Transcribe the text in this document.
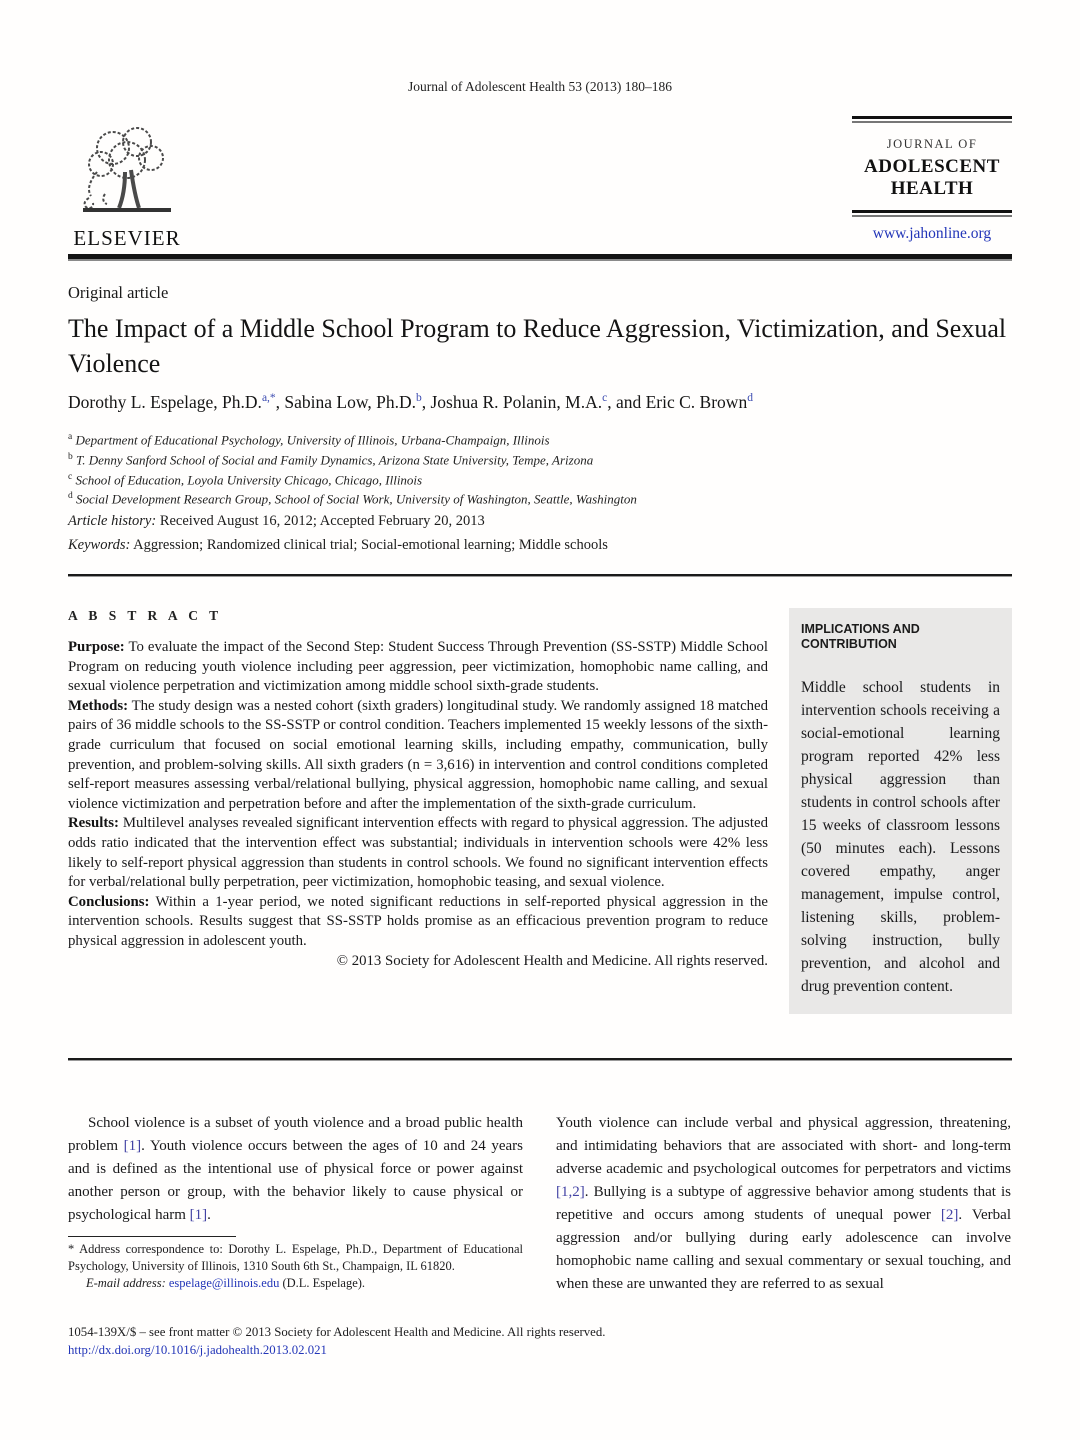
Journal of Adolescent Health 53 (2013) 180–186
ELSEVIER
JOURNAL OF
ADOLESCENT
HEALTH
www.jahonline.org
Original article
The Impact of a Middle School Program to Reduce Aggression, Victimization, and Sexual Violence
Dorothy L. Espelage, Ph.D.$^{a,*}$, Sabina Low, Ph.D.$^b$, Joshua R. Polanin, M.A.$^c$, and Eric C. Brown$^d$
$^a$ Department of Educational Psychology, University of Illinois, Urbana-Champaign, Illinois
$^b$ T. Denny Sanford School of Social and Family Dynamics, Arizona State University, Tempe, Arizona
$^c$ School of Education, Loyola University Chicago, Chicago, Illinois
$^d$ Social Development Research Group, School of Social Work, University of Washington, Seattle, Washington
Article history: Received August 16, 2012; Accepted February 20, 2013
Keywords: Aggression; Randomized clinical trial; Social-emotional learning; Middle schools
A B S T R A C T

Purpose: To evaluate the impact of the Second Step: Student Success Through Prevention (SS-SSTP) Middle School Program on reducing youth violence including peer aggression, peer victimization, homophobic name calling, and sexual violence perpetration and victimization among middle school sixth-grade students.

Methods: The study design was a nested cohort (sixth graders) longitudinal study. We randomly assigned 18 matched pairs of 36 middle schools to the SS-SSTP or control condition. Teachers implemented 15 weekly lessons of the sixth-grade curriculum that focused on social emotional learning skills, including empathy, communication, bully prevention, and problem-solving skills. All sixth graders (n = 3,616) in intervention and control conditions completed self-report measures assessing verbal/relational bullying, physical aggression, homophobic name calling, and sexual violence victimization and perpetration before and after the implementation of the sixth-grade curriculum.

Results: Multilevel analyses revealed significant intervention effects with regard to physical aggression. The adjusted odds ratio indicated that the intervention effect was substantial; individuals in intervention schools were 42% less likely to self-report physical aggression than students in control schools. We found no significant intervention effects for verbal/relational bully perpetration, peer victimization, homophobic teasing, and sexual violence.

Conclusions: Within a 1-year period, we noted significant reductions in self-reported physical aggression in the intervention schools. Results suggest that SS-SSTP holds promise as an efficacious prevention program to reduce physical aggression in adolescent youth.

© 2013 Society for Adolescent Health and Medicine. All rights reserved.

IMPLICATIONS AND CONTRIBUTION
Middle school students in intervention schools receiving a social-emotional learning program reported 42% less physical aggression than students in control schools after 15 weeks of classroom lessons (50 minutes each). Lessons covered empathy, anger management, impulse control, listening skills, problem-solving instruction, bully prevention, and alcohol and drug prevention content.

School violence is a subset of youth violence and a broad public health problem [1]. Youth violence occurs between the ages of 10 and 24 years and is defined as the intentional use of physical force or power against another person or group, with the behavior likely to cause physical or psychological harm [1].

* Address correspondence to: Dorothy L. Espelage, Ph.D., Department of Educational Psychology, University of Illinois, 1310 South 6th St., Champaign, IL 61820.
E-mail address: espelage@illinois.edu (D.L. Espelage).

Youth violence can include verbal and physical aggression, threatening, and intimidating behaviors that are associated with short- and long-term adverse academic and psychological outcomes for perpetrators and victims [1,2]. Bullying is a subtype of aggressive behavior among students that is repetitive and occurs among students of unequal power [2]. Verbal aggression and/or bullying during early adolescence can involve homophobic name calling and sexual commentary or sexual touching, and when these are unwanted they are referred to as sexual

1054-139X/$ – see front matter © 2013 Society for Adolescent Health and Medicine. All rights reserved.
http://dx.doi.org/10.1016/j.jadohealth.2013.02.021
